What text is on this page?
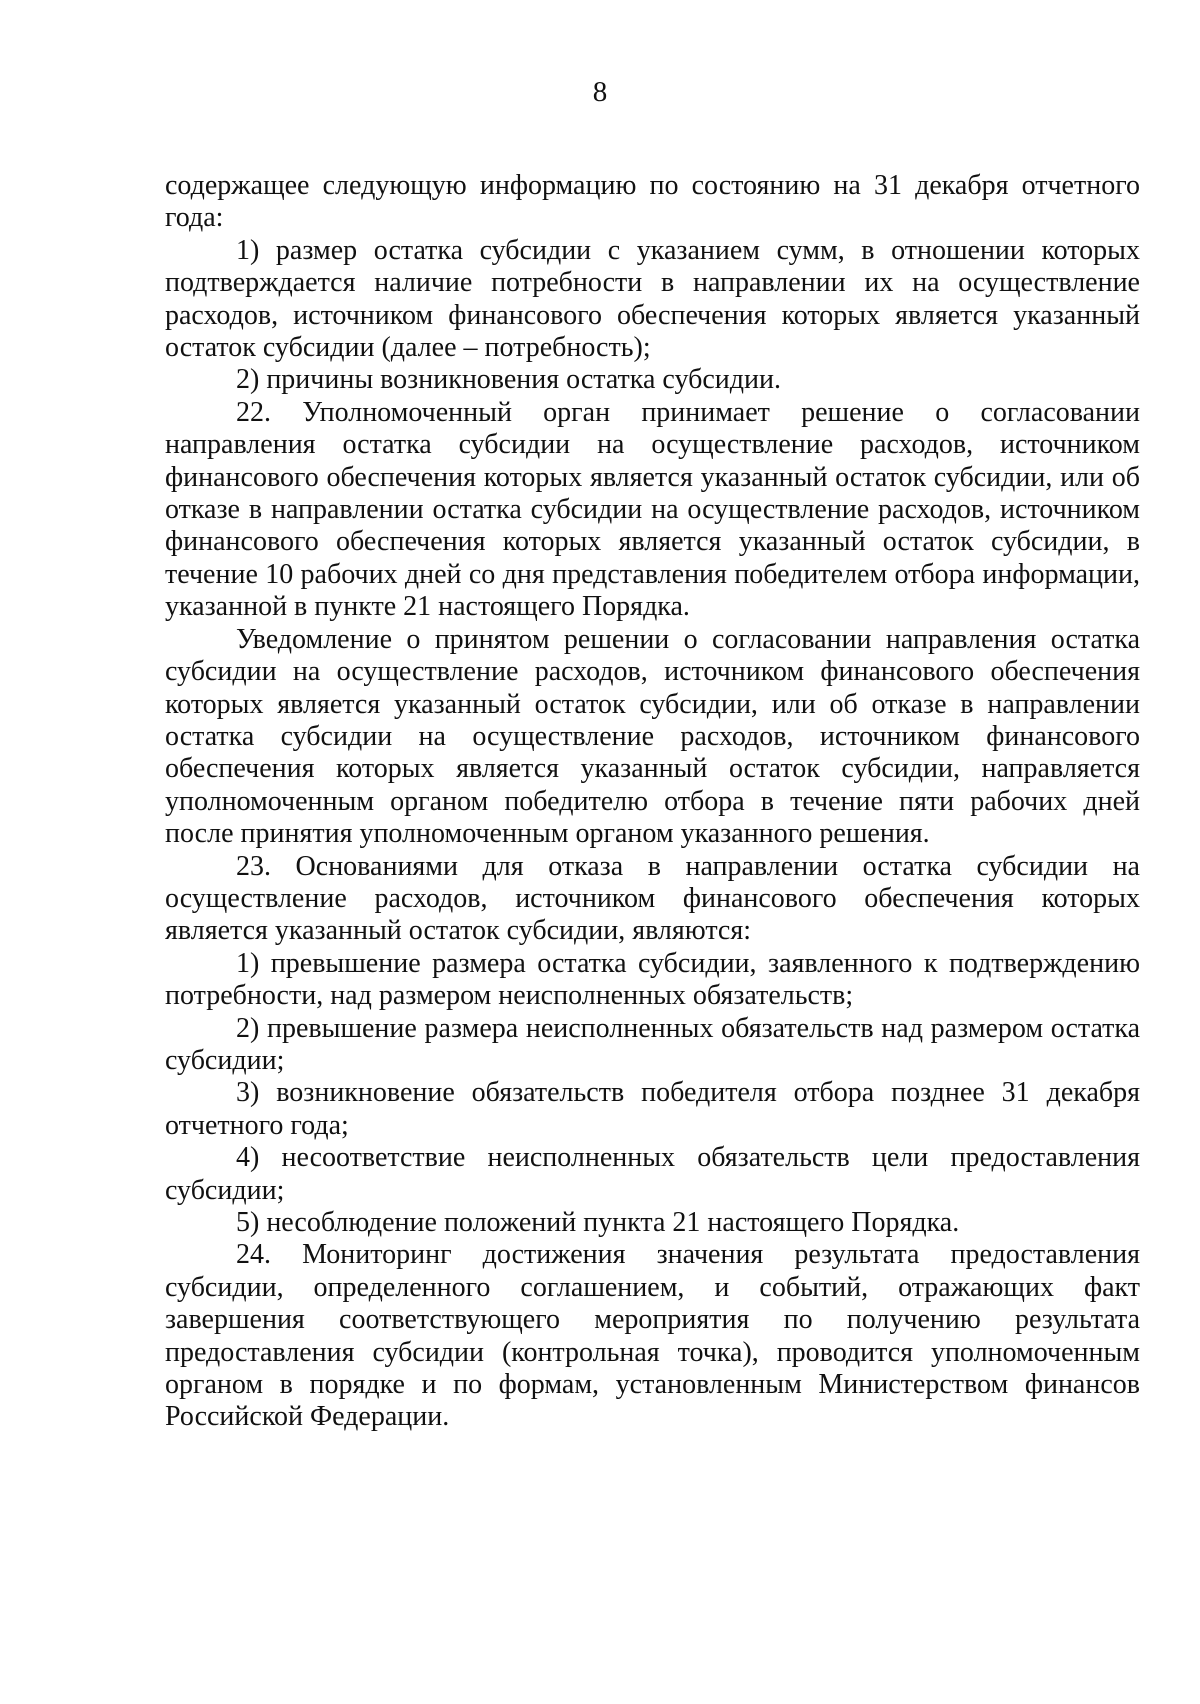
8

содержащее следующую информацию по состоянию на 31 декабря отчетного года:

1) размер остатка субсидии с указанием сумм, в отношении которых подтверждается наличие потребности в направлении их на осуществление расходов, источником финансового обеспечения которых является указанный остаток субсидии (далее – потребность);

2) причины возникновения остатка субсидии.

22. Уполномоченный орган принимает решение о согласовании направления остатка субсидии на осуществление расходов, источником финансового обеспечения которых является указанный остаток субсидии, или об отказе в направлении остатка субсидии на осуществление расходов, источником финансового обеспечения которых является указанный остаток субсидии, в течение 10 рабочих дней со дня представления победителем отбора информации, указанной в пункте 21 настоящего Порядка.

Уведомление о принятом решении о согласовании направления остатка субсидии на осуществление расходов, источником финансового обеспечения которых является указанный остаток субсидии, или об отказе в направлении остатка субсидии на осуществление расходов, источником финансового обеспечения которых является указанный остаток субсидии, направляется уполномоченным органом победителю отбора в течение пяти рабочих дней после принятия уполномоченным органом указанного решения.

23. Основаниями для отказа в направлении остатка субсидии на осуществление расходов, источником финансового обеспечения которых является указанный остаток субсидии, являются:

1) превышение размера остатка субсидии, заявленного к подтверждению потребности, над размером неисполненных обязательств;

2) превышение размера неисполненных обязательств над размером остатка субсидии;

3) возникновение обязательств победителя отбора позднее 31 декабря отчетного года;

4) несоответствие неисполненных обязательств цели предоставления субсидии;

5) несоблюдение положений пункта 21 настоящего Порядка.

24. Мониторинг достижения значения результата предоставления субсидии, определенного соглашением, и событий, отражающих факт завершения соответствующего мероприятия по получению результата предоставления субсидии (контрольная точка), проводится уполномоченным органом в порядке и по формам, установленным Министерством финансов Российской Федерации.
